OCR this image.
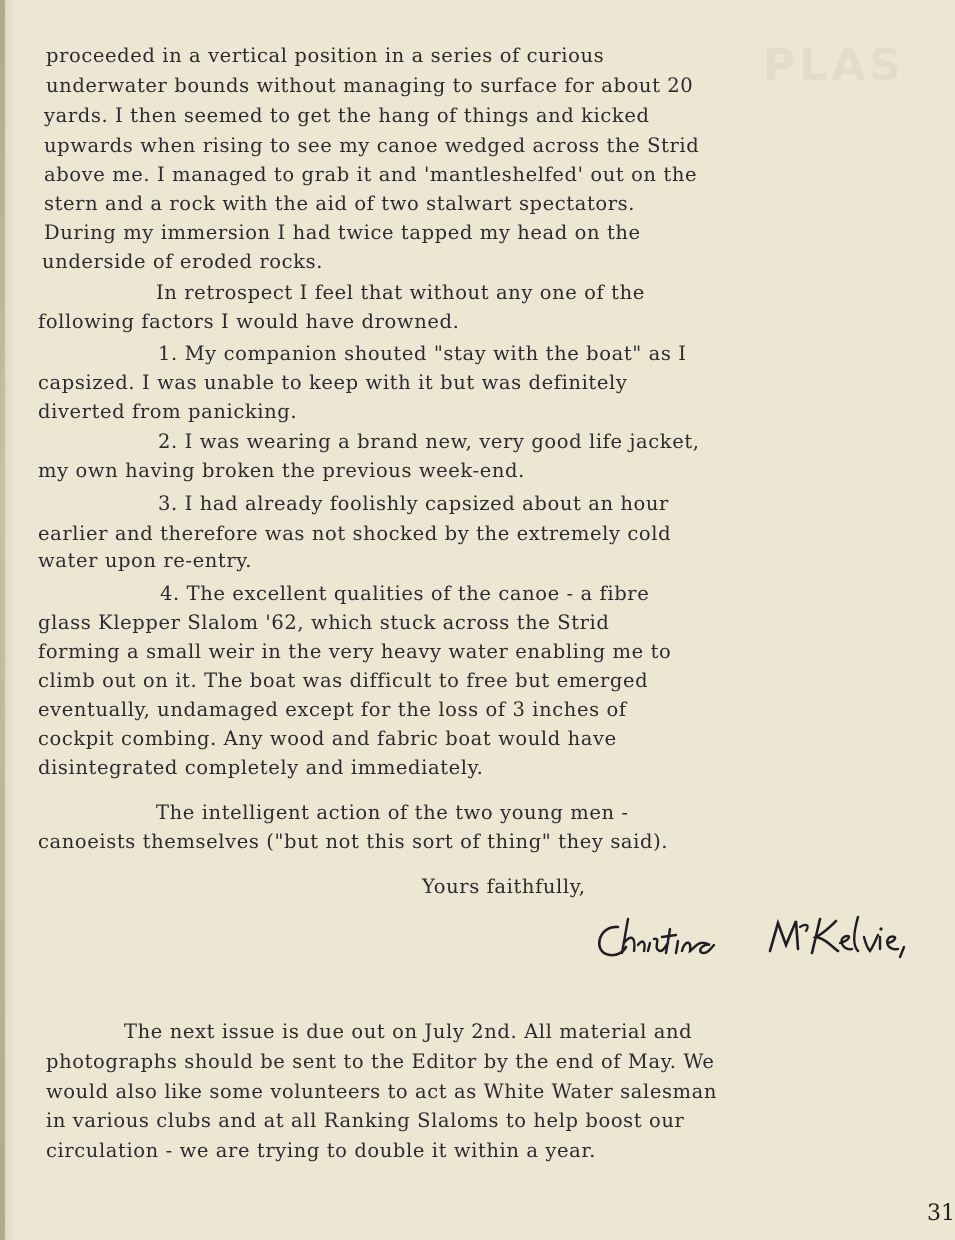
PLAS
proceeded in a vertical position in a series of curious
underwater bounds without managing to surface for about 20
yards. I then seemed to get the hang of things and kicked
upwards when rising to see my canoe wedged across the Strid
above me. I managed to grab it and 'mantleshelfed' out on the
stern and a rock with the aid of two stalwart spectators.
During my immersion I had twice tapped my head on the
underside of eroded rocks.
In retrospect I feel that without any one of the
following factors I would have drowned.
1. My companion shouted "stay with the boat" as I
capsized. I was unable to keep with it but was definitely
diverted from panicking.
2. I was wearing a brand new, very good life jacket,
my own having broken the previous week-end.
3. I had already foolishly capsized about an hour
earlier and therefore was not shocked by the extremely cold
water upon re-entry.
4. The excellent qualities of the canoe - a fibre
glass Klepper Slalom '62, which stuck across the Strid
forming a small weir in the very heavy water enabling me to
climb out on it. The boat was difficult to free but emerged
eventually, undamaged except for the loss of 3 inches of
cockpit combing. Any wood and fabric boat would have
disintegrated completely and immediately.
The intelligent action of the two young men -
canoeists themselves ("but not this sort of thing" they said).
Yours faithfully,
The next issue is due out on July 2nd. All material and
photographs should be sent to the Editor by the end of May. We
would also like some volunteers to act as White Water salesman
in various clubs and at all Ranking Slaloms to help boost our
circulation - we are trying to double it within a year.
31
